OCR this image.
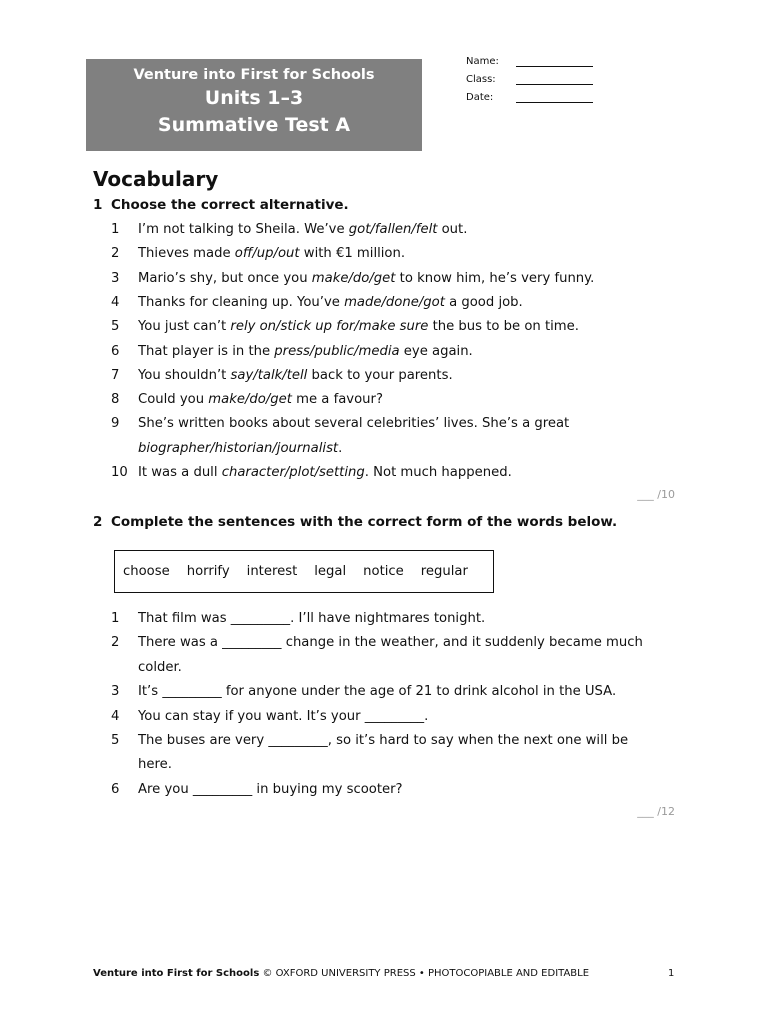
Venture into First for Schools
Units 1–3
Summative Test A
Name:
Class:
Date:
Vocabulary
1 Choose the correct alternative.
1 I’m not talking to Sheila. We’ve got/fallen/felt out.
2 Thieves made off/up/out with €1 million.
3 Mario’s shy, but once you make/do/get to know him, he’s very funny.
4 Thanks for cleaning up. You’ve made/done/got a good job.
5 You just can’t rely on/stick up for/make sure the bus to be on time.
6 That player is in the press/public/media eye again.
7 You shouldn’t say/talk/tell back to your parents.
8 Could you make/do/get me a favour?
9 She’s written books about several celebrities’ lives. She’s a great
biographer/historian/journalist.
10 It was a dull character/plot/setting. Not much happened.
___ /10
2 Complete the sentences with the correct form of the words below.
choose horrify interest legal notice regular
1 That film was _________. I’ll have nightmares tonight.
2 There was a _________ change in the weather, and it suddenly became much
colder.
3 It’s _________ for anyone under the age of 21 to drink alcohol in the USA.
4 You can stay if you want. It’s your _________.
5 The buses are very _________, so it’s hard to say when the next one will be
here.
6 Are you _________ in buying my scooter?
___ /12
Venture into First for Schools © OXFORD UNIVERSITY PRESS • PHOTOCOPIABLE AND EDITABLE	1
